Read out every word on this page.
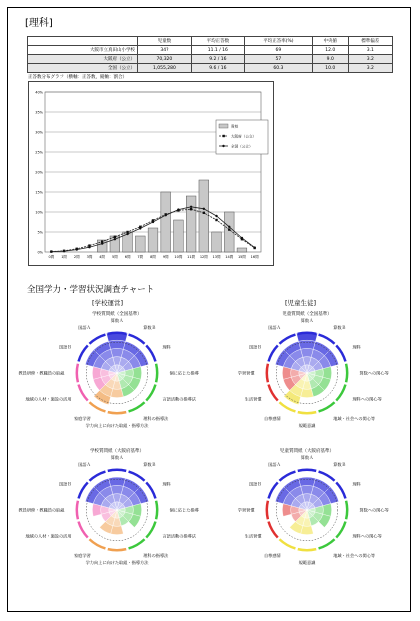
[理科]
	児童数	平均正答数	平均正答率(%)	中央値	標準偏差
大阪市立真田山小学校	34?	11.1 / 16	69	12.0	3.1
大阪府（公立）	70,320	9.2 / 16	57	9.0	3.2
全国（公立）	1,055,280	9.6 / 16	60.3	10.0	3.2
正答数分布グラフ（横軸：正答数，縦軸：割合）
0%
5%
10%
15%
20%
25%
30%
35%
40%
0問 1問 2問 3問 4問 5問 6問 7問 8問 9問 10問 11問 12問 13問 14問 15問 16問
貴校
大阪府（公立）
全国（公立）
全国学力・学習状況調査チャート
[学校運営]	[児童生徒]
学校質問紙（全国基準）
算数Ａ
算数Ｂ
理科
個に応じた指導
言語活動の指導法
理科の指導法
学力向上に向けた取組・指導方法
家庭学習
地域の人材・施設の活用
教員研修・教職員の取組
国語Ｂ
国語Ａ
児童質問紙（全国基準）
算数Ａ
算数Ｂ
理科
算数への関心等
理科への関心等
地域・社会への関心等
規範意識
自尊感情
生活習慣
学習習慣
国語Ｂ
国語Ａ
学校質問紙（大阪府基準）
算数Ａ
算数Ｂ
理科
個に応じた指導
言語活動の指導法
理科の指導法
学力向上に向けた取組・指導方法
家庭学習
地域の人材・施設の活用
教員研修・教職員の取組
国語Ｂ
国語Ａ
児童質問紙（大阪府基準）
算数Ａ
算数Ｂ
理科
算数への関心等
理科への関心等
地域・社会への関心等
規範意識
自尊感情
生活習慣
学習習慣
国語Ｂ
国語Ａ
